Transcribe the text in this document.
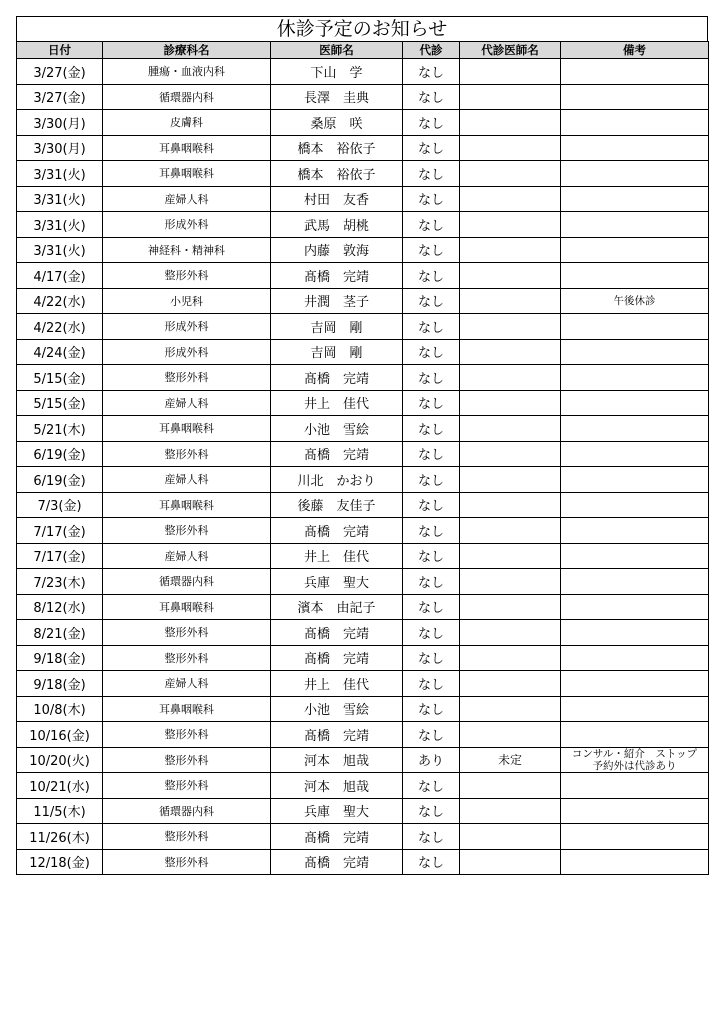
休診予定のお知らせ
日付	診療科名	医師名	代診	代診医師名	備考
3/27(金)	腫瘍・血液内科	下山　学	なし		
3/27(金)	循環器内科	長澤　圭典	なし		
3/30(月)	皮膚科	桑原　咲	なし		
3/30(月)	耳鼻咽喉科	橋本　裕依子	なし		
3/31(火)	耳鼻咽喉科	橋本　裕依子	なし		
3/31(火)	産婦人科	村田　友香	なし		
3/31(火)	形成外科	武馬　胡桃	なし		
3/31(火)	神経科・精神科	内藤　敦海	なし		
4/17(金)	整形外科	髙橋　完靖	なし		
4/22(水)	小児科	井潤　茎子	なし		午後休診
4/22(水)	形成外科	吉岡　剛	なし		
4/24(金)	形成外科	吉岡　剛	なし		
5/15(金)	整形外科	髙橋　完靖	なし		
5/15(金)	産婦人科	井上　佳代	なし		
5/21(木)	耳鼻咽喉科	小池　雪絵	なし		
6/19(金)	整形外科	髙橋　完靖	なし		
6/19(金)	産婦人科	川北　かおり	なし		
7/3(金)	耳鼻咽喉科	後藤　友佳子	なし		
7/17(金)	整形外科	髙橋　完靖	なし		
7/17(金)	産婦人科	井上　佳代	なし		
7/23(木)	循環器内科	兵庫　聖大	なし		
8/12(水)	耳鼻咽喉科	濱本　由記子	なし		
8/21(金)	整形外科	髙橋　完靖	なし		
9/18(金)	整形外科	髙橋　完靖	なし		
9/18(金)	産婦人科	井上　佳代	なし		
10/8(木)	耳鼻咽喉科	小池　雪絵	なし		
10/16(金)	整形外科	髙橋　完靖	なし		
10/20(火)	整形外科	河本　旭哉	あり	未定	コンサル・紹介　ストップ
予約外は代診あり

10/21(水)	整形外科	河本　旭哉	なし		
11/5(木)	循環器内科	兵庫　聖大	なし		
11/26(木)	整形外科	髙橋　完靖	なし		
12/18(金)	整形外科	髙橋　完靖	なし		
